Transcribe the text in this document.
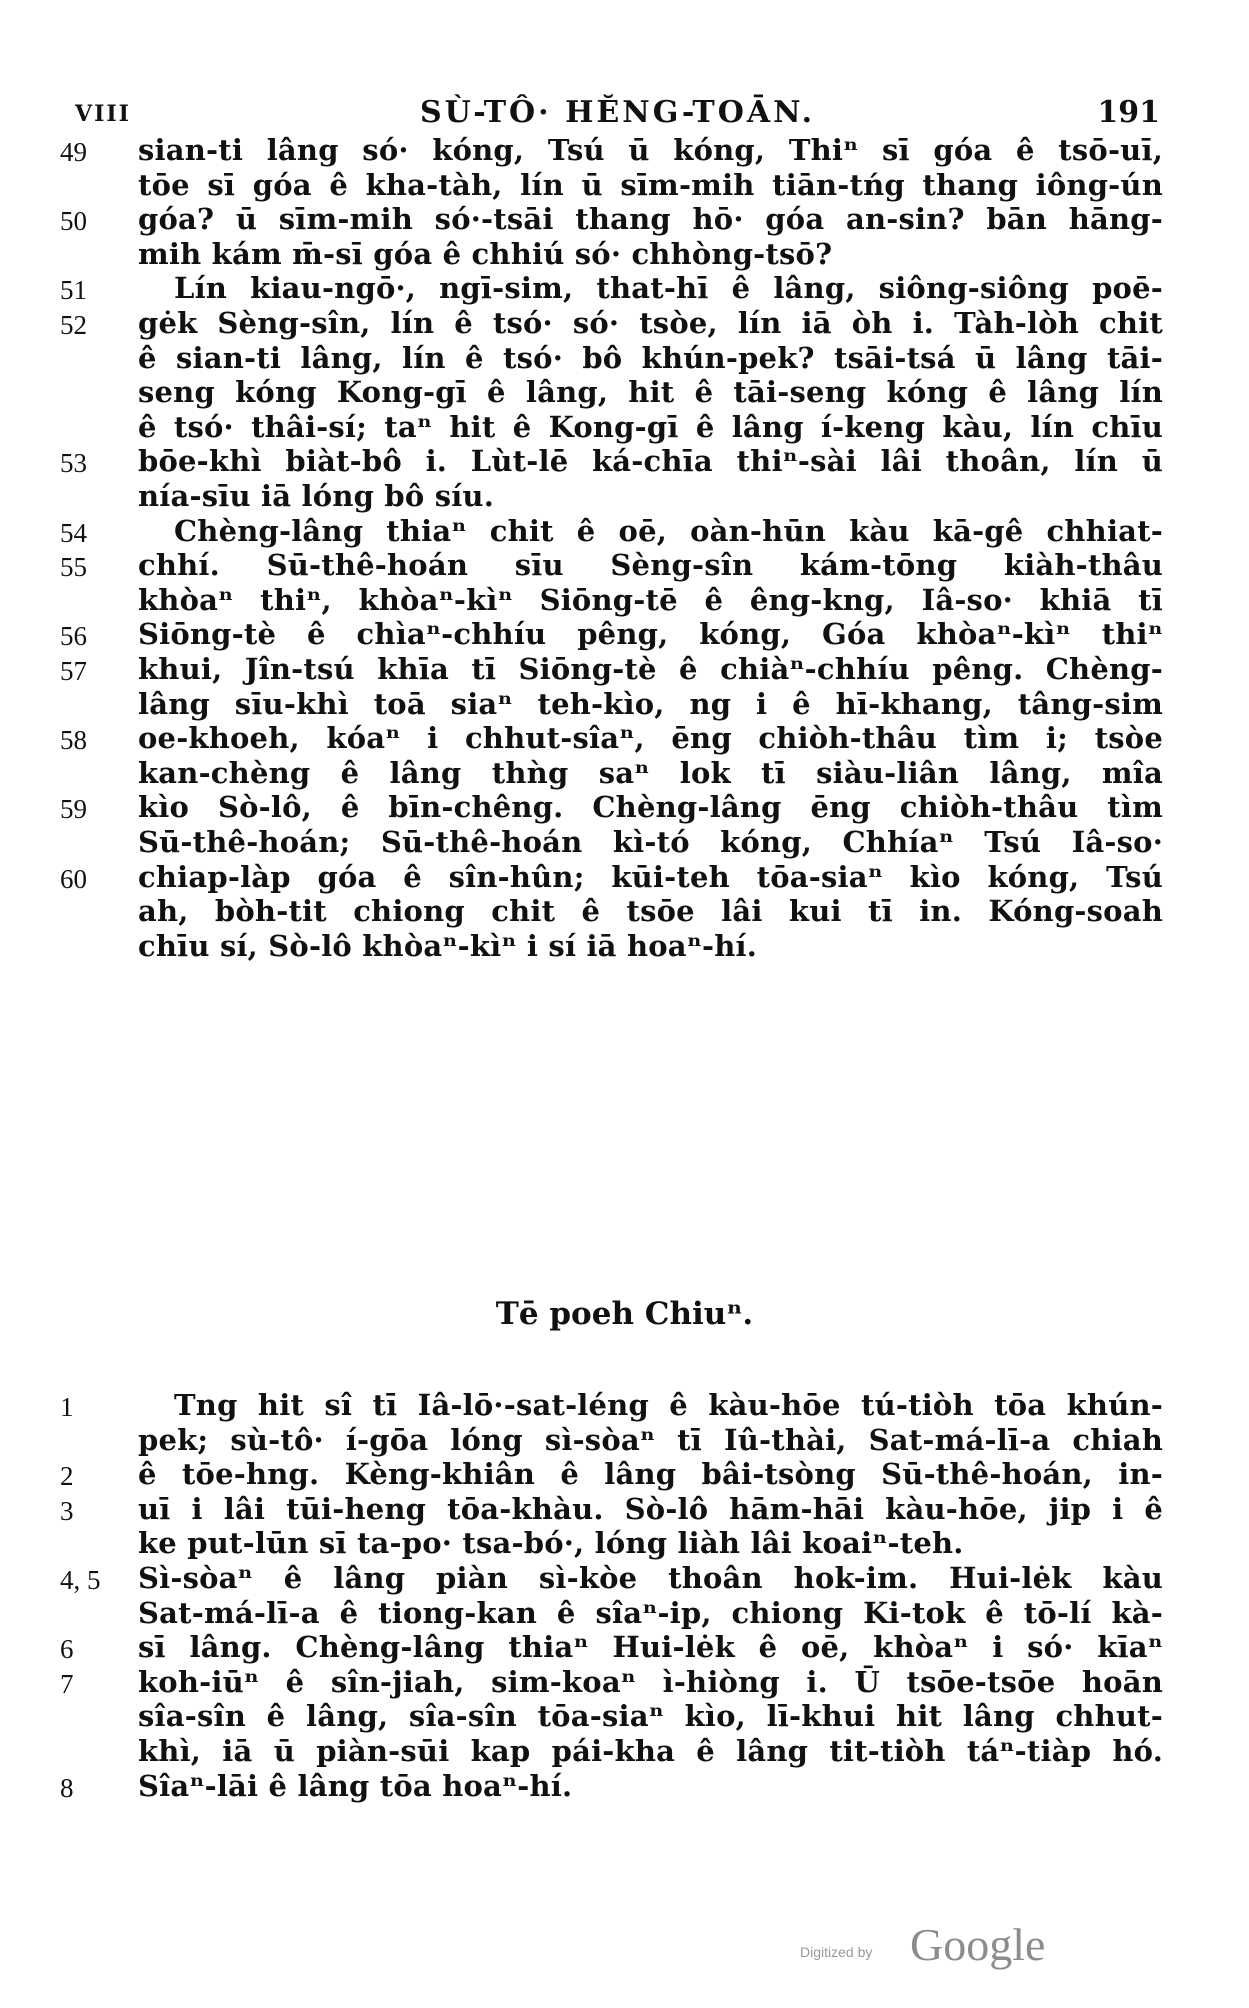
VIII	SÙ-TÔ· HĔNG-TOĀN.	191
49	sian-ti lâng só· kóng, Tsú ū kóng, Thiⁿ sī góa ê tsō-uī,
tōe sī góa ê kha-tàh, lín ū sīm-mih tiān-tńg thang iông-ún
50	góa? ū sīm-mih só·-tsāi thang hō· góa an-sin? bān hāng-
mih kám m̄-sī góa ê chhiú só· chhòng-tsō?
51	Lín kiau-ngō·, ngī-sim, that-hī ê lâng, siông-siông poē-
52	gėk Sèng-sîn, lín ê tsó· só· tsòe, lín iā òh i. Tàh-lòh chit
ê sian-ti lâng, lín ê tsó· bô khún-pek? tsāi-tsá ū lâng tāi-
seng kóng Kong-gī ê lâng, hit ê tāi-seng kóng ê lâng lín
ê tsó· thâi-sí; taⁿ hit ê Kong-gī ê lâng í-keng kàu, lín chīu
53	bōe-khì biàt-bô i. Lùt-lē ká-chīa thiⁿ-sài lâi thoân, lín ū
nía-sīu iā lóng bô síu.
54	Chèng-lâng thiaⁿ chit ê oē, oàn-hūn kàu kā-gê chhiat-
55	chhí. Sū-thê-hoán sīu Sèng-sîn kám-tōng kiàh-thâu
khòaⁿ thiⁿ, khòaⁿ-kìⁿ Siōng-tē ê êng-kng, Iâ-so· khiā tī
56	Siōng-tè ê chìaⁿ-chhíu pêng, kóng, Góa khòaⁿ-kìⁿ thiⁿ
57	khui, Jîn-tsú khīa tī Siōng-tè ê chiàⁿ-chhíu pêng. Chèng-
lâng sīu-khì toā siaⁿ teh-kìo, ng i ê hī-khang, tâng-sim
58	oe-khoeh, kóaⁿ i chhut-sîaⁿ, ēng chiòh-thâu tìm i; tsòe
kan-chèng ê lâng thǹg saⁿ lok tī siàu-liân lâng, mîa
59	kìo Sò-lô, ê bīn-chêng. Chèng-lâng ēng chiòh-thâu tìm
Sū-thê-hoán; Sū-thê-hoán kì-tó kóng, Chhíaⁿ Tsú Iâ-so·
60	chiap-làp góa ê sîn-hûn; kūi-teh tōa-siaⁿ kìo kóng, Tsú
ah, bòh-tit chiong chit ê tsōe lâi kui tī in. Kóng-soah
chīu sí, Sò-lô khòaⁿ-kìⁿ i sí iā hoaⁿ-hí.
Tē poeh Chiuⁿ.
1	Tng hit sî tī Iâ-lō·-sat-léng ê kàu-hōe tú-tiòh tōa khún-
pek; sù-tô· í-gōa lóng sì-sòaⁿ tī Iû-thài, Sat-má-lī-a chiah
2	ê tōe-hng. Kèng-khiân ê lâng bâi-tsòng Sū-thê-hoán, in-
3	uī i lâi tūi-heng tōa-khàu. Sò-lô hām-hāi kàu-hōe, jip i ê
ke put-lūn sī ta-po· tsa-bó·, lóng liàh lâi koaiⁿ-teh.
4, 5	Sì-sòaⁿ ê lâng piàn sì-kòe thoân hok-im. Hui-lėk kàu
Sat-má-lī-a ê tiong-kan ê sîaⁿ-ip, chiong Ki-tok ê tō-lí kà-
6	sī lâng. Chèng-lâng thiaⁿ Hui-lėk ê oē, khòaⁿ i só· kīaⁿ
7	koh-iūⁿ ê sîn-jiah, sim-koaⁿ ì-hiòng i. Ū tsōe-tsōe hoān
sîa-sîn ê lâng, sîa-sîn tōa-siaⁿ kìo, lī-khui hit lâng chhut-
khì, iā ū piàn-sūi kap pái-kha ê lâng tit-tiòh táⁿ-tiàp hó.
8	Sîaⁿ-lāi ê lâng tōa hoaⁿ-hí.
Digitized by Google
